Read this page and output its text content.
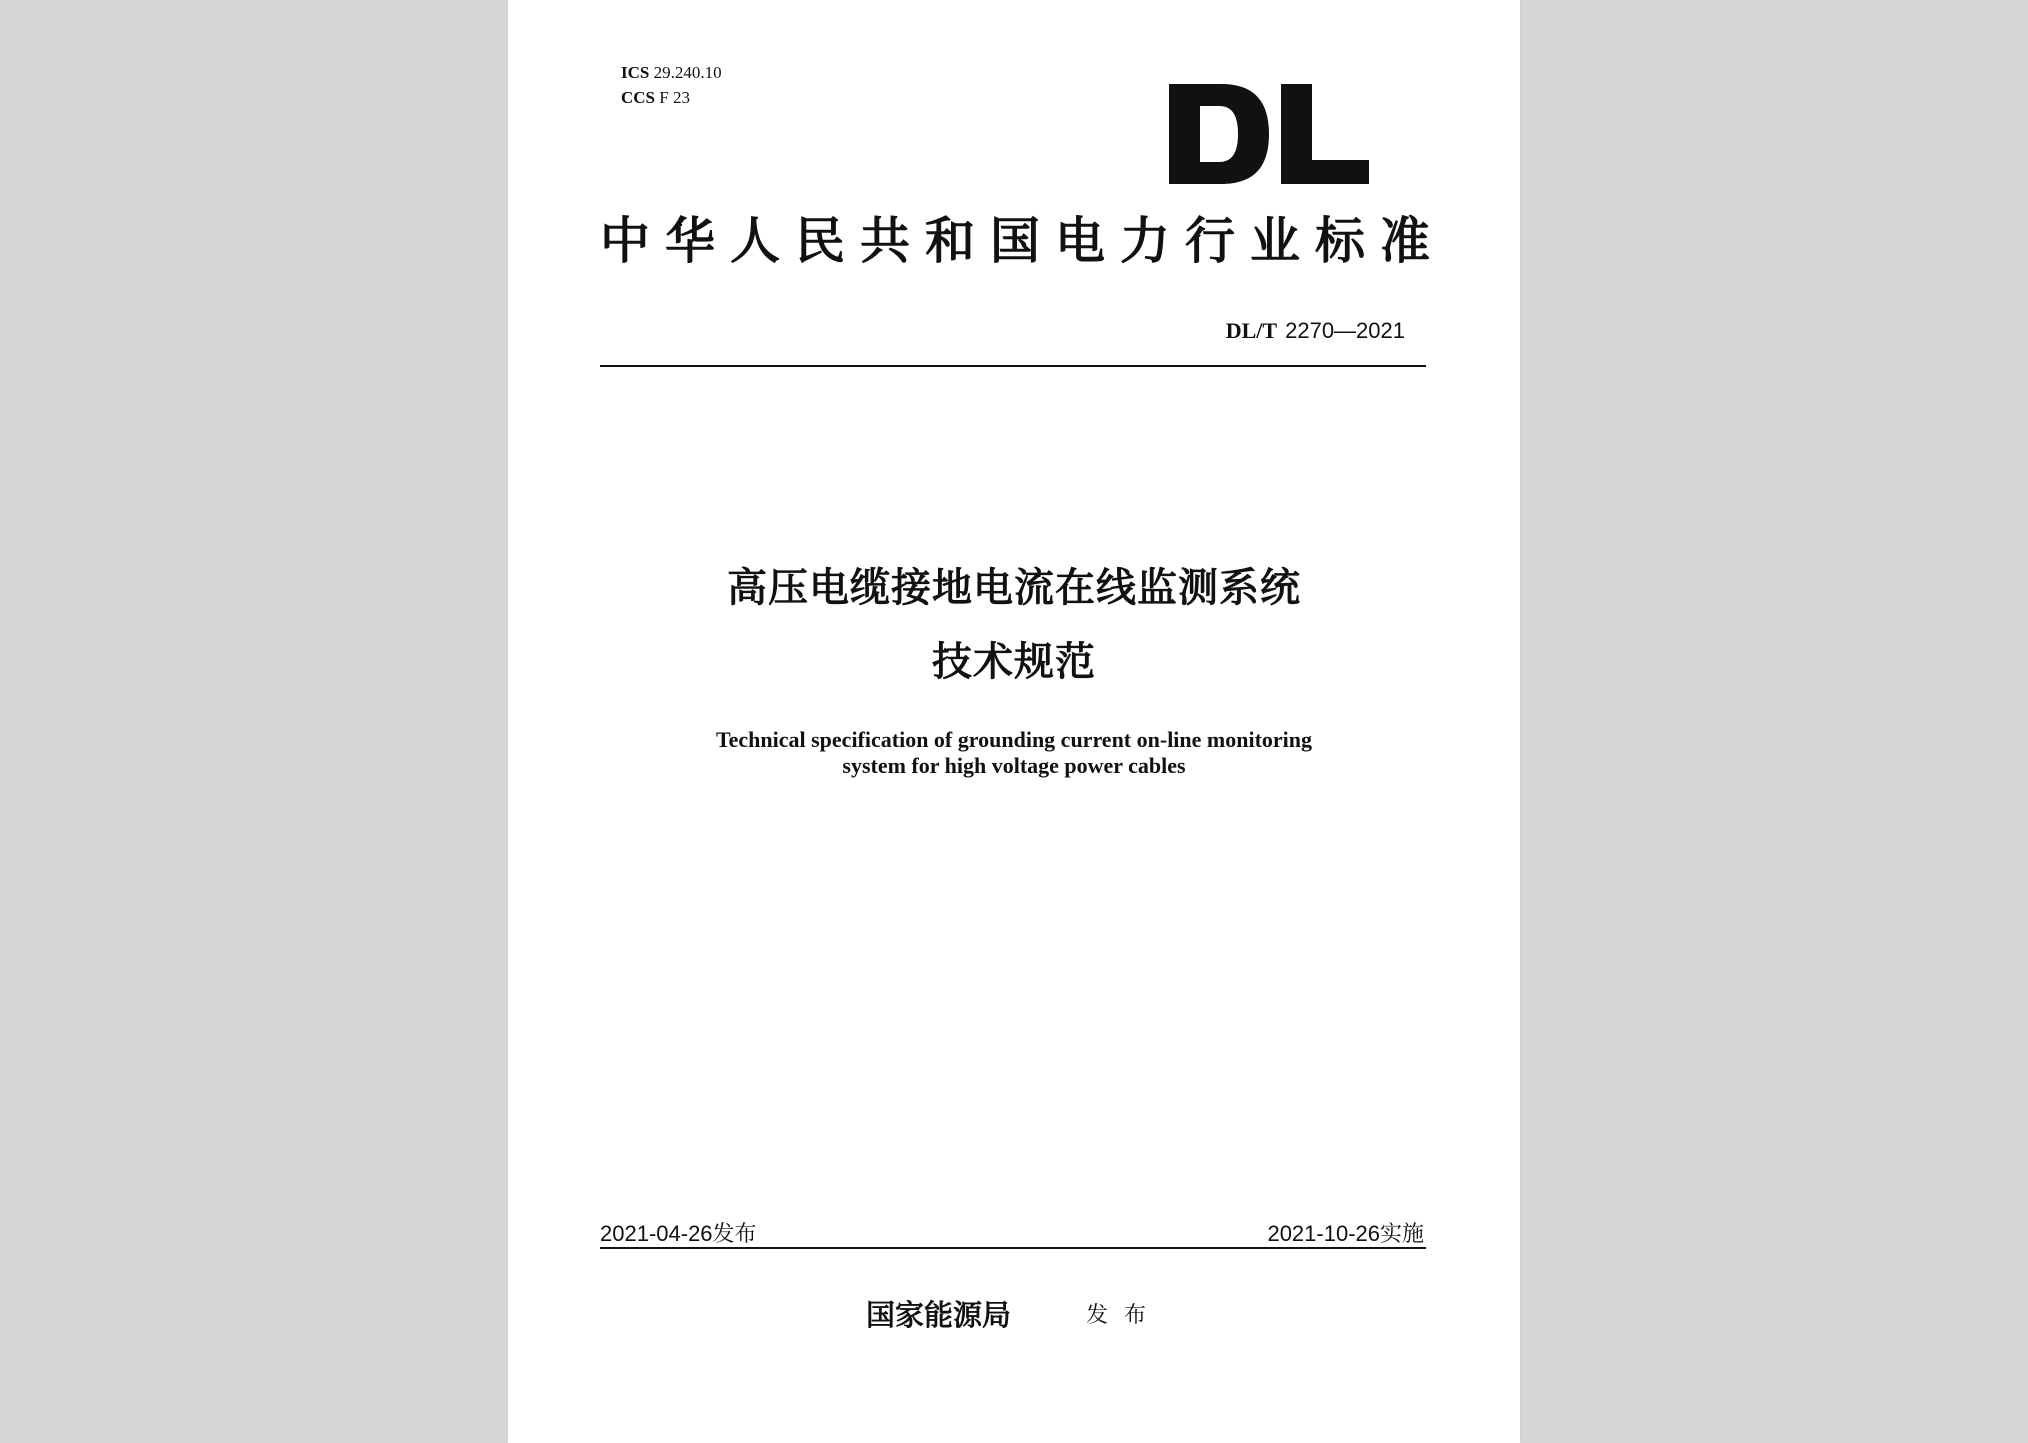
ICS 29.240.10
CCS F 23
中华人民共和国电力行业标准
DL/T 2270—2021
高压电缆接地电流在线监测系统
技术规范
Technical specification of grounding current on-line monitoring
system for high voltage power cables
2021-04-26发布	2021-10-26实施
国家能源局	发布
